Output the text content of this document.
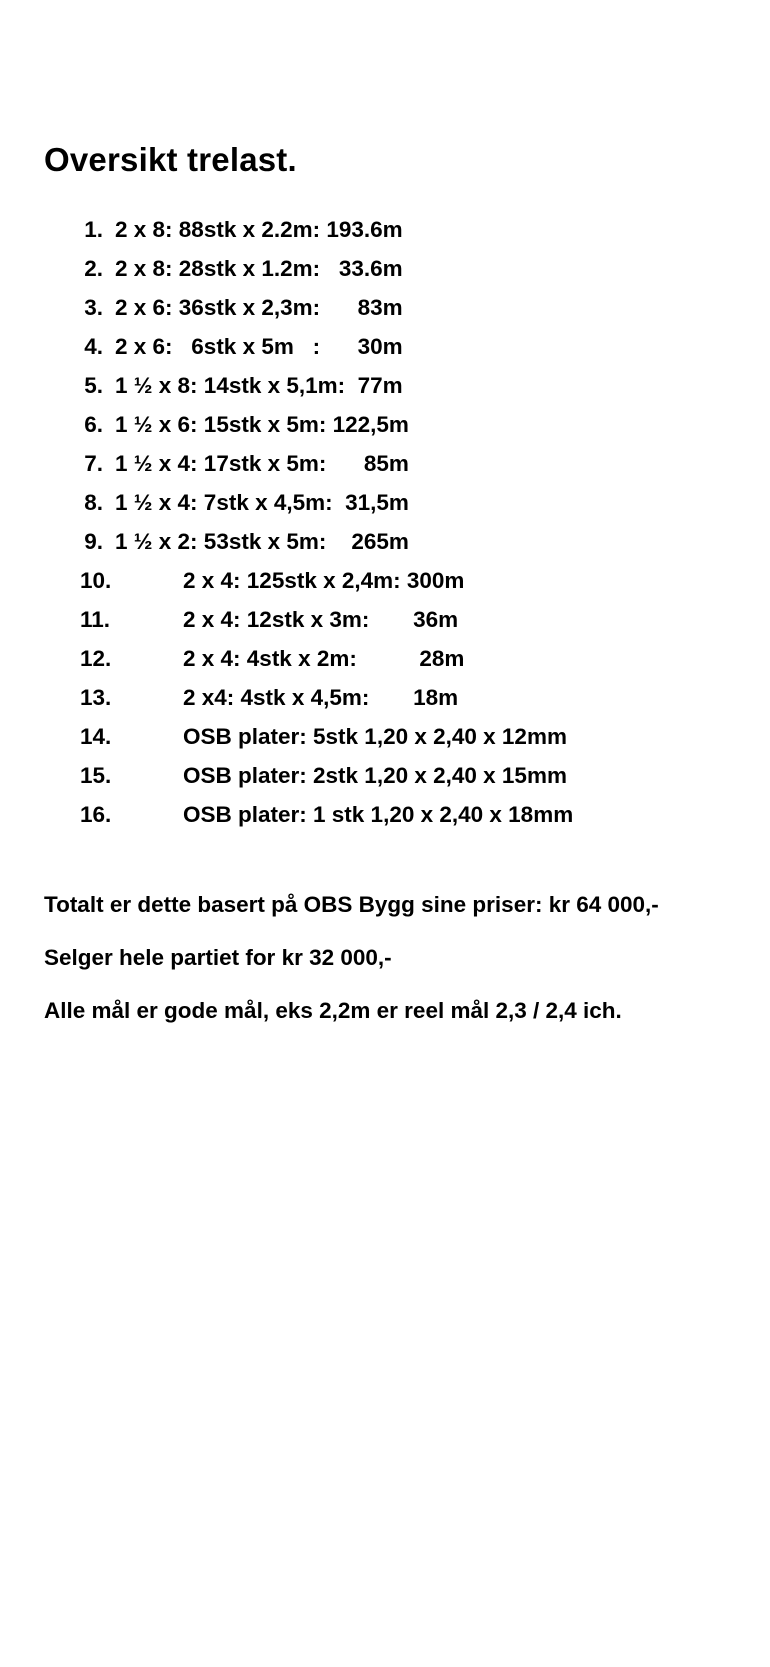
Oversikt trelast.
1. 2 x 8: 88stk x 2.2m: 193.6m
2. 2 x 8: 28stk x 1.2m:   33.6m
3. 2 x 6: 36stk x 2,3m:      83m
4. 2 x 6:   6stk x 5m   :      30m
5. 1 ½ x 8: 14stk x 5,1m:  77m
6. 1 ½ x 6: 15stk x 5m: 122,5m
7. 1 ½ x 4: 17stk x 5m:      85m
8. 1 ½ x 4: 7stk x 4,5m:  31,5m
9. 1 ½ x 2: 53stk x 5m:    265m
10.	2 x 4: 125stk x 2,4m: 300m
11.	2 x 4: 12stk x 3m:       36m
12.	2 x 4: 4stk x 2m:          28m
13.	2 x4: 4stk x 4,5m:       18m
14.	OSB plater: 5stk 1,20 x 2,40 x 12mm
15.	OSB plater: 2stk 1,20 x 2,40 x 15mm
16.	OSB plater: 1 stk 1,20 x 2,40 x 18mm

Totalt er dette basert på OBS Bygg sine priser: kr 64 000,-

Selger hele partiet for kr 32 000,-

Alle mål er gode mål, eks 2,2m er reel mål 2,3 / 2,4 ich.
